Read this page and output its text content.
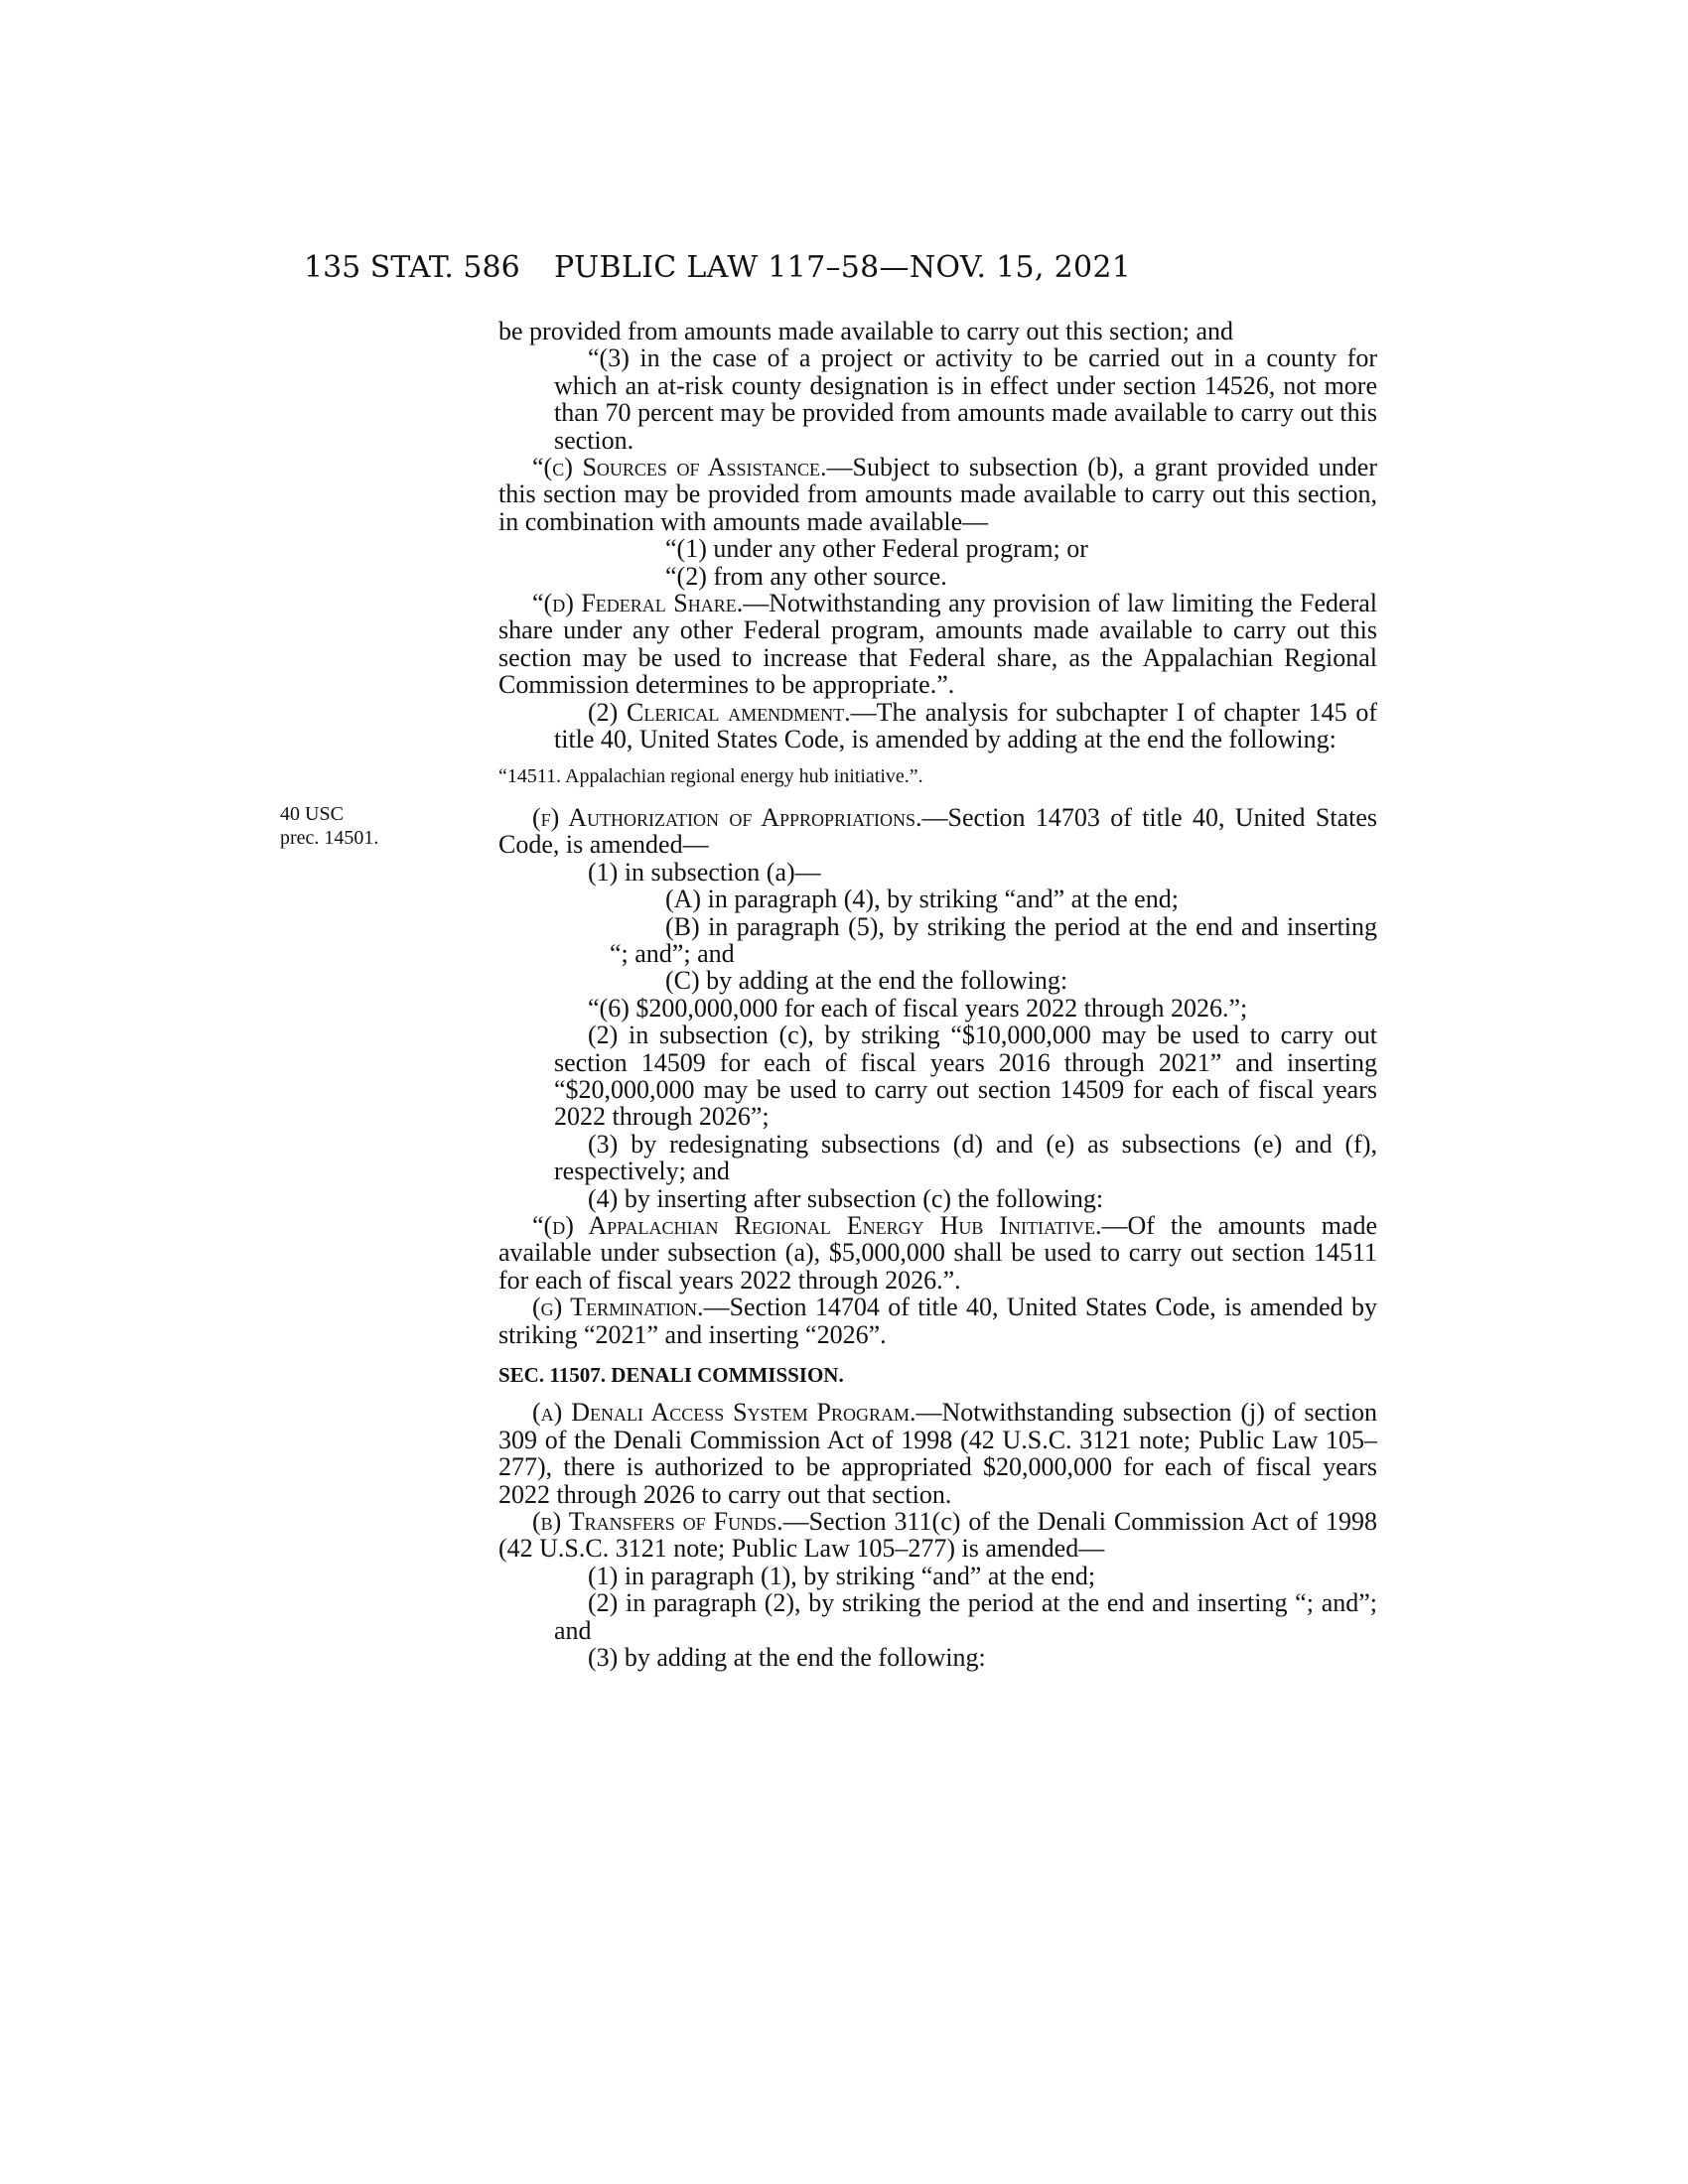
135 STAT. 586 PUBLIC LAW 117–58—NOV. 15, 2021
40 USC
prec. 14501.

be provided from amounts made available to carry out this section; and

“(3) in the case of a project or activity to be carried out in a county for which an at-risk county designation is in effect under section 14526, not more than 70 percent may be provided from amounts made available to carry out this section.

“(c) Sources of Assistance.—Subject to subsection (b), a grant provided under this section may be provided from amounts made available to carry out this section, in combination with amounts made available—

“(1) under any other Federal program; or

“(2) from any other source.

“(d) Federal Share.—Notwithstanding any provision of law limiting the Federal share under any other Federal program, amounts made available to carry out this section may be used to increase that Federal share, as the Appalachian Regional Commission determines to be appropriate.”.

(2) Clerical amendment.—The analysis for subchapter I of chapter 145 of title 40, United States Code, is amended by adding at the end the following:

“14511. Appalachian regional energy hub initiative.”.

(f) Authorization of Appropriations.—Section 14703 of title 40, United States Code, is amended—

(1) in subsection (a)—

(A) in paragraph (4), by striking “and” at the end;

(B) in paragraph (5), by striking the period at the end and inserting “; and”; and

(C) by adding at the end the following:

“(6) $200,000,000 for each of fiscal years 2022 through 2026.”;

(2) in subsection (c), by striking “$10,000,000 may be used to carry out section 14509 for each of fiscal years 2016 through 2021” and inserting “$20,000,000 may be used to carry out section 14509 for each of fiscal years 2022 through 2026”;

(3) by redesignating subsections (d) and (e) as subsections (e) and (f), respectively; and

(4) by inserting after subsection (c) the following:

“(d) Appalachian Regional Energy Hub Initiative.—Of the amounts made available under subsection (a), $5,000,000 shall be used to carry out section 14511 for each of fiscal years 2022 through 2026.”.

(g) Termination.—Section 14704 of title 40, United States Code, is amended by striking “2021” and inserting “2026”.

SEC. 11507. DENALI COMMISSION.

(a) Denali Access System Program.—Notwithstanding subsection (j) of section 309 of the Denali Commission Act of 1998 (42 U.S.C. 3121 note; Public Law 105–277), there is authorized to be appropriated $20,000,000 for each of fiscal years 2022 through 2026 to carry out that section.

(b) Transfers of Funds.—Section 311(c) of the Denali Commission Act of 1998 (42 U.S.C. 3121 note; Public Law 105–277) is amended—

(1) in paragraph (1), by striking “and” at the end;

(2) in paragraph (2), by striking the period at the end and inserting “; and”; and

(3) by adding at the end the following:
